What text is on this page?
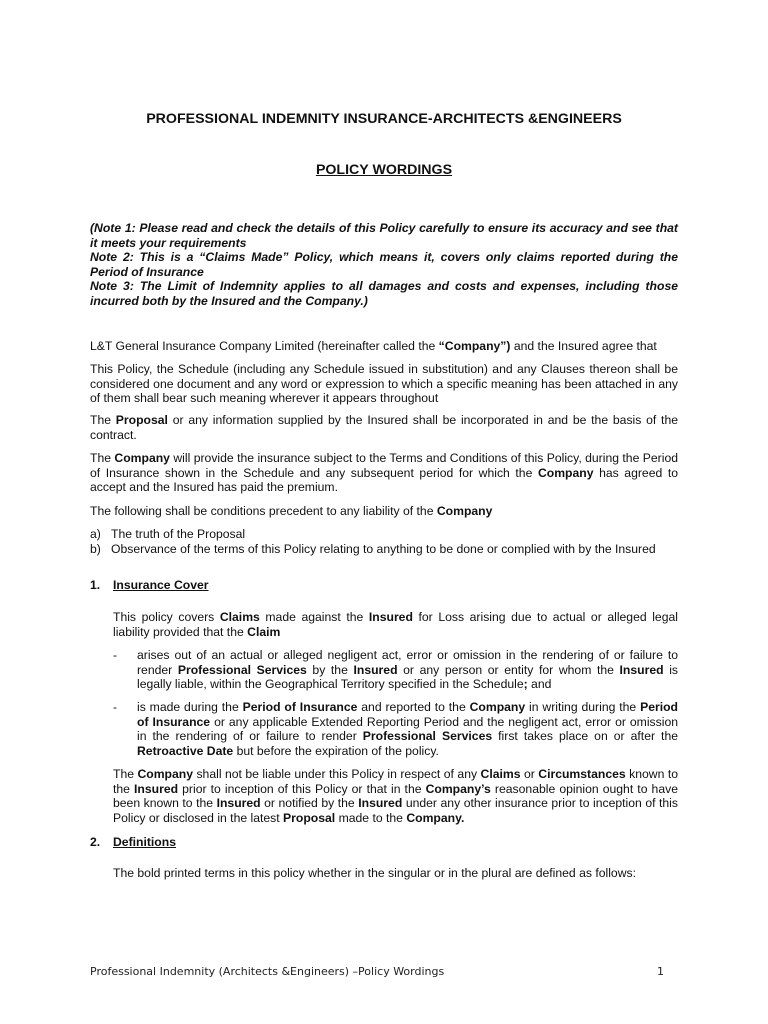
PROFESSIONAL INDEMNITY INSURANCE-ARCHITECTS &ENGINEERS
POLICY WORDINGS

(Note 1: Please read and check the details of this Policy carefully to ensure its accuracy and see that it meets your requirements

Note 2: This is a “Claims Made” Policy, which means it, covers only claims reported during the Period of Insurance

Note 3: The Limit of Indemnity applies to all damages and costs and expenses, including those incurred both by the Insured and the Company.)

L&T General Insurance Company Limited (hereinafter called the “Company”) and the Insured agree that

This Policy, the Schedule (including any Schedule issued in substitution) and any Clauses thereon shall be considered one document and any word or expression to which a specific meaning has been attached in any of them shall bear such meaning wherever it appears throughout

The Proposal or any information supplied by the Insured shall be incorporated in and be the basis of the contract.

The Company will provide the insurance subject to the Terms and Conditions of this Policy, during the Period of Insurance shown in the Schedule and any subsequent period for which the Company has agreed to accept and the Insured has paid the premium.

The following shall be conditions precedent to any liability of the Company

a) The truth of the Proposal
b) Observance of the terms of this Policy relating to anything to be done or complied with by the Insured
1. Insurance Cover

This policy covers Claims made against the Insured for Loss arising due to actual or alleged legal liability provided that the Claim

- arises out of an actual or alleged negligent act, error or omission in the rendering of or failure to render Professional Services by the Insured or any person or entity for whom the Insured is legally liable, within the Geographical Territory specified in the Schedule; and
- is made during the Period of Insurance and reported to the Company in writing during the Period of Insurance or any applicable Extended Reporting Period and the negligent act, error or omission in the rendering of or failure to render Professional Services first takes place on or after the Retroactive Date but before the expiration of the policy.

The Company shall not be liable under this Policy in respect of any Claims or Circumstances known to the Insured prior to inception of this Policy or that in the Company’s reasonable opinion ought to have been known to the Insured or notified by the Insured under any other insurance prior to inception of this Policy or disclosed in the latest Proposal made to the Company.

2. Definitions

The bold printed terms in this policy whether in the singular or in the plural are defined as follows:

Professional Indemnity (Architects &Engineers) –Policy Wordings	1
